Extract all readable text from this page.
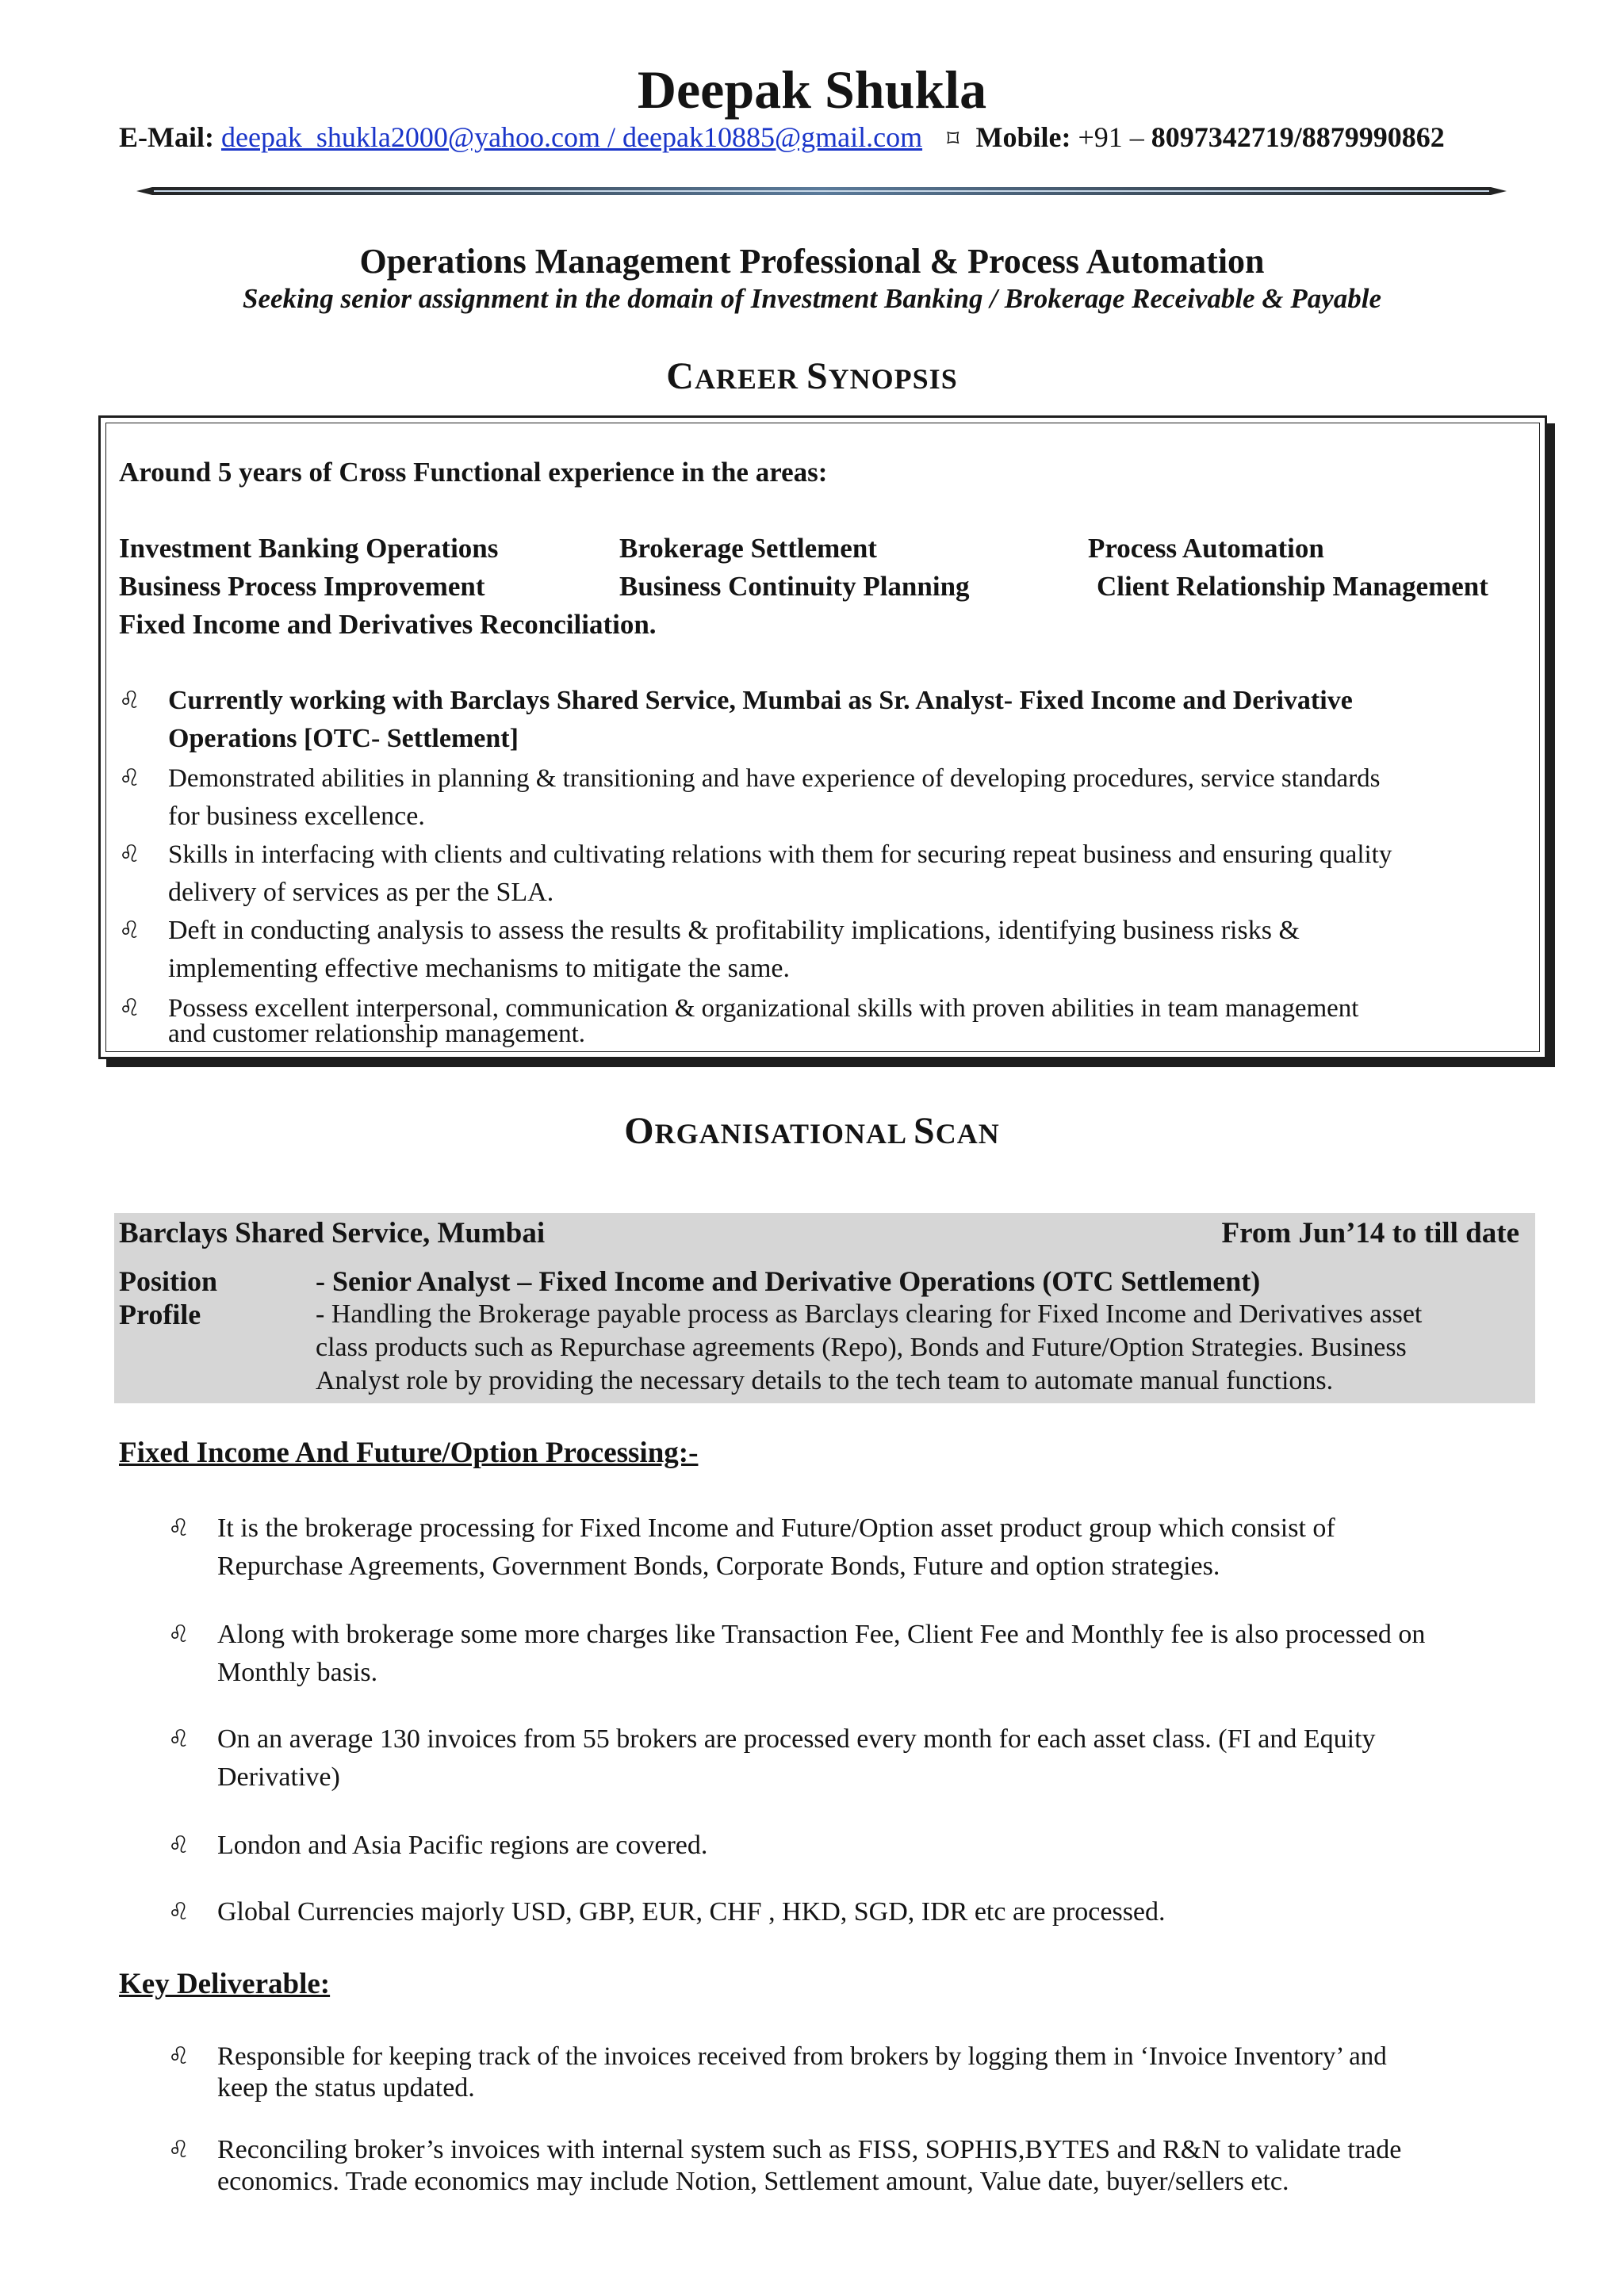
Deepak Shukla
E-Mail: deepak_shukla2000@yahoo.com / deepak10885@gmail.com ⌑ Mobile: +91 – 8097342719/8879990862
Operations Management Professional & Process Automation
Seeking senior assignment in the domain of Investment Banking / Brokerage Receivable & Payable
CAREER SYNOPSIS
Around 5 years of Cross Functional experience in the areas:
Investment Banking Operations	Brokerage Settlement	Process Automation
Business Process Improvement	Business Continuity Planning	Client Relationship Management
Fixed Income and Derivatives Reconciliation.
♌	Currently working with Barclays Shared Service, Mumbai as Sr. Analyst- Fixed Income and Derivative
Operations [OTC- Settlement]
♌	Demonstrated abilities in planning & transitioning and have experience of developing procedures, service standards
for business excellence.
♌	Skills in interfacing with clients and cultivating relations with them for securing repeat business and ensuring quality
delivery of services as per the SLA.
♌	Deft in conducting analysis to assess the results & profitability implications, identifying business risks &
implementing effective mechanisms to mitigate the same.
♌	Possess excellent interpersonal, communication & organizational skills with proven abilities in team management
and customer relationship management.
ORGANISATIONAL SCAN
Barclays Shared Service, Mumbai	From Jun’14 to till date
Position	- Senior Analyst – Fixed Income and Derivative Operations (OTC Settlement)
Profile	- Handling the Brokerage payable process as Barclays clearing for Fixed Income and Derivatives asset
class products such as Repurchase agreements (Repo), Bonds and Future/Option Strategies. Business
Analyst role by providing the necessary details to the tech team to automate manual functions.
Fixed Income And Future/Option Processing:-
♌	It is the brokerage processing for Fixed Income and Future/Option asset product group which consist of
Repurchase Agreements, Government Bonds, Corporate Bonds, Future and option strategies.
♌	Along with brokerage some more charges like Transaction Fee, Client Fee and Monthly fee is also processed on
Monthly basis.
♌	On an average 130 invoices from 55 brokers are processed every month for each asset class. (FI and Equity
Derivative)
♌	London and Asia Pacific regions are covered.
♌	Global Currencies majorly USD, GBP, EUR, CHF , HKD, SGD, IDR etc are processed.
Key Deliverable:
♌	Responsible for keeping track of the invoices received from brokers by logging them in ‘Invoice Inventory’ and
keep the status updated.
♌	Reconciling broker’s invoices with internal system such as FISS, SOPHIS,BYTES and R&N to validate trade
economics. Trade economics may include Notion, Settlement amount, Value date, buyer/sellers etc.
